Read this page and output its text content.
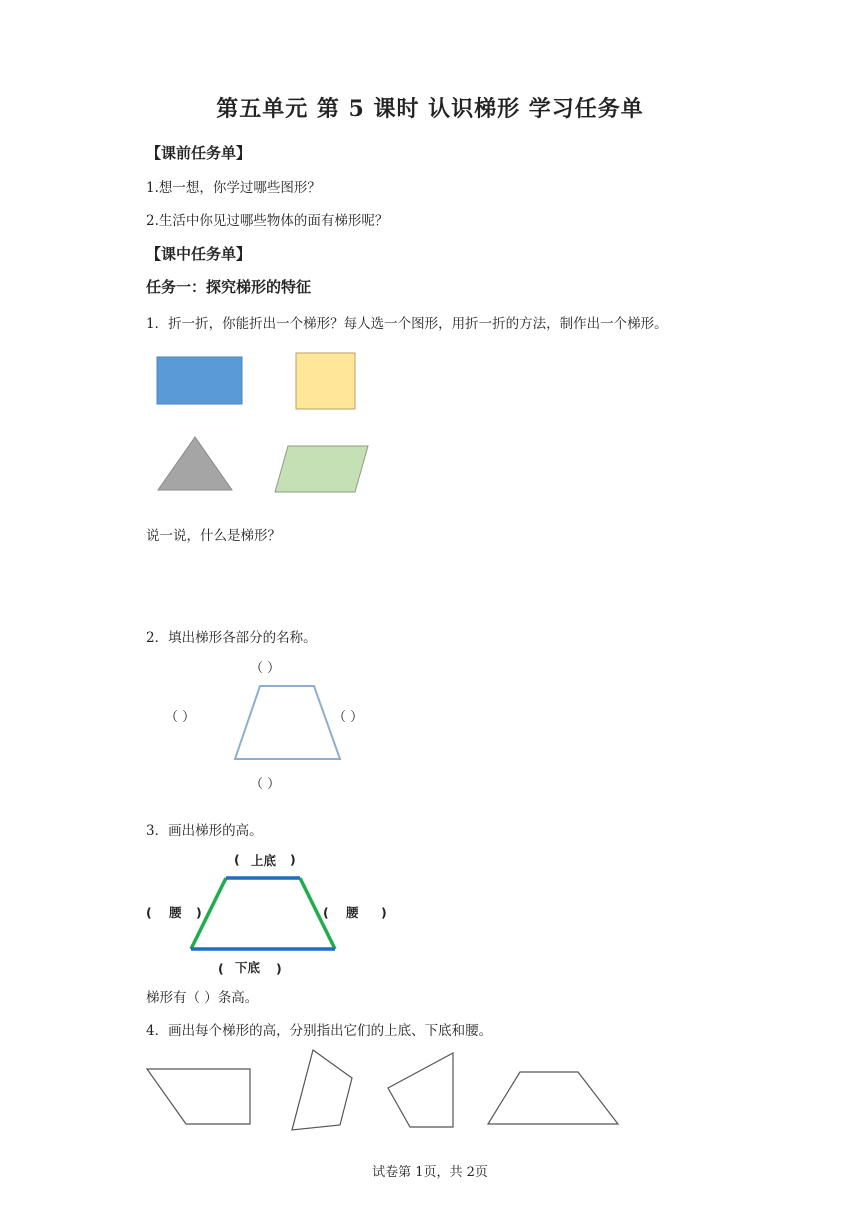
第五单元 第 5 课时 认识梯形 学习任务单
【课前任务单】
1.想一想，你学过哪些图形？
2.生活中你见过哪些物体的面有梯形呢？
【课中任务单】
任务一：探究梯形的特征
1．折一折，你能折出一个梯形？每人选一个图形，用折一折的方法，制作出一个梯形。
说一说，什么是梯形？
2．填出梯形各部分的名称。
（ ）
（ ）	（ ）
（ ）
3．画出梯形的高。
( 上底 )
( 腰 )	( 腰 )
( 下底 )
梯形有（ ）条高。
4．画出每个梯形的高，分别指出它们的上底、下底和腰。
试卷第 1页，共 2页
